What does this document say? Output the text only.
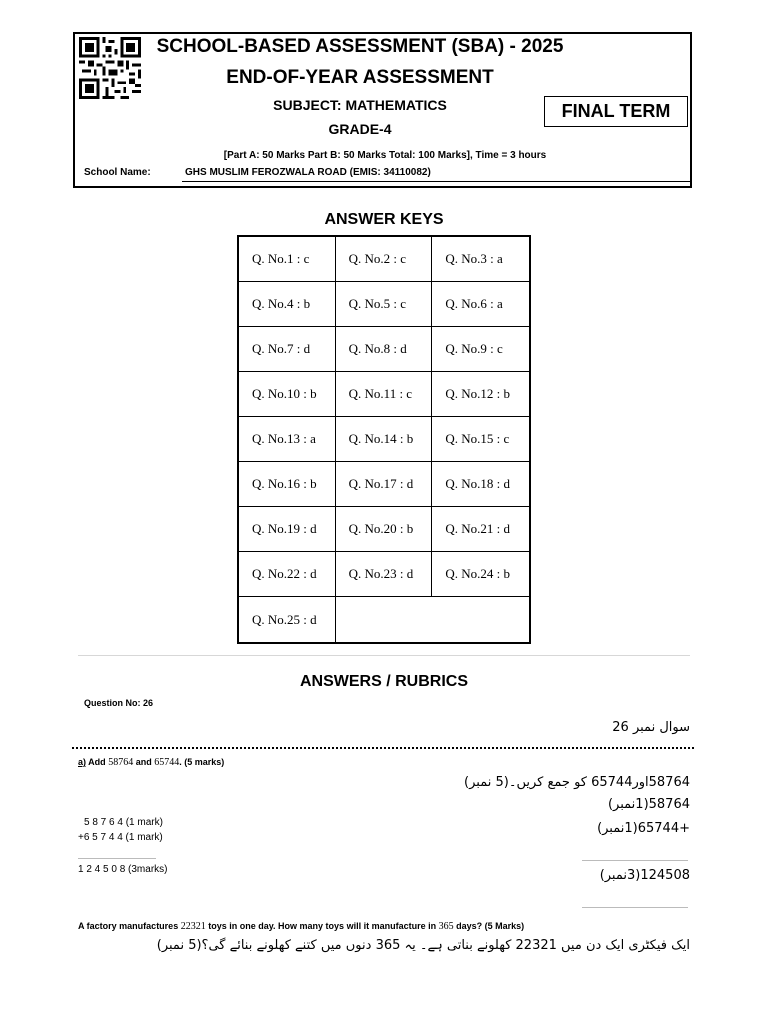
SCHOOL-BASED ASSESSMENT (SBA) - 2025
END-OF-YEAR ASSESSMENT
SUBJECT: MATHEMATICS
GRADE-4
FINAL TERM
[Part A: 50 Marks Part B: 50 Marks Total: 100 Marks], Time = 3 hours
School Name:	GHS MUSLIM FEROZWALA ROAD (EMIS: 34110082)
ANSWER KEYS
Q. No.1 : c	Q. No.2 : c	Q. No.3 : a
Q. No.4 : b	Q. No.5 : c	Q. No.6 : a
Q. No.7 : d	Q. No.8 : d	Q. No.9 : c
Q. No.10 : b	Q. No.11 : c	Q. No.12 : b
Q. No.13 : a	Q. No.14 : b	Q. No.15 : c
Q. No.16 : b	Q. No.17 : d	Q. No.18 : d
Q. No.19 : d	Q. No.20 : b	Q. No.21 : d
Q. No.22 : d	Q. No.23 : d	Q. No.24 : b
Q. No.25 : d
ANSWERS / RUBRICS
Question No: 26
سوال نمبر 26
a) Add 58764 and 65744. (5 marks)
58764اور65744 کو جمع کریں۔(5 نمبر)
5 8 7 6 4 (1 mark)
+6 5 7 4 4 (1 mark)
1 2 4 5 0 8 (3marks)
58764(1نمبر)
+65744(1نمبر)
124508(3نمبر)
A factory manufactures 22321 toys in one day. How many toys will it manufacture in 365 days? (5 Marks)
ایک فیکٹری ایک دن میں 22321 کھلونے بناتی ہے۔ یہ 365 دنوں میں کتنے کھلونے بنائے گی؟(5 نمبر)
